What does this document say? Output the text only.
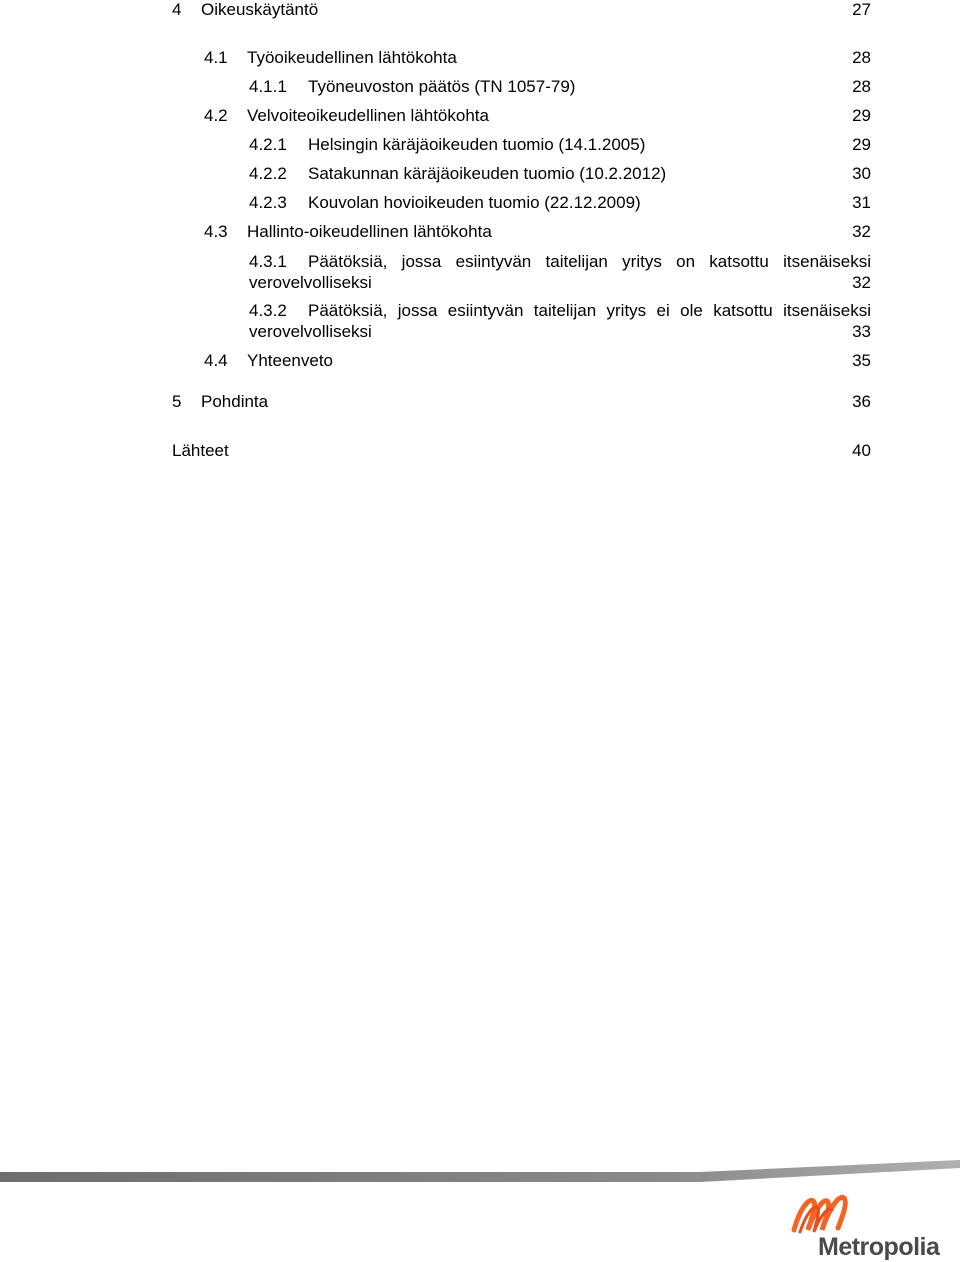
4 Oikeuskäytäntö	27
4.1 Työoikeudellinen lähtökohta	28
4.1.1 Työneuvoston päätös (TN 1057-79)	28
4.2 Velvoiteoikeudellinen lähtökohta	29
4.2.1 Helsingin käräjäoikeuden tuomio (14.1.2005)	29
4.2.2 Satakunnan käräjäoikeuden tuomio (10.2.2012)	30
4.2.3 Kouvolan hovioikeuden tuomio (22.12.2009)	31
4.3 Hallinto-oikeudellinen lähtökohta	32
4.3.1 Päätöksiä, jossa esiintyvän taitelijan yritys on katsottu itsenäiseksi
verovelvolliseksi	32
4.3.2 Päätöksiä, jossa esiintyvän taitelijan yritys ei ole katsottu itsenäiseksi
verovelvolliseksi	33
4.4 Yhteenveto	35
5 Pohdinta	36
Lähteet	40
Metropolia
